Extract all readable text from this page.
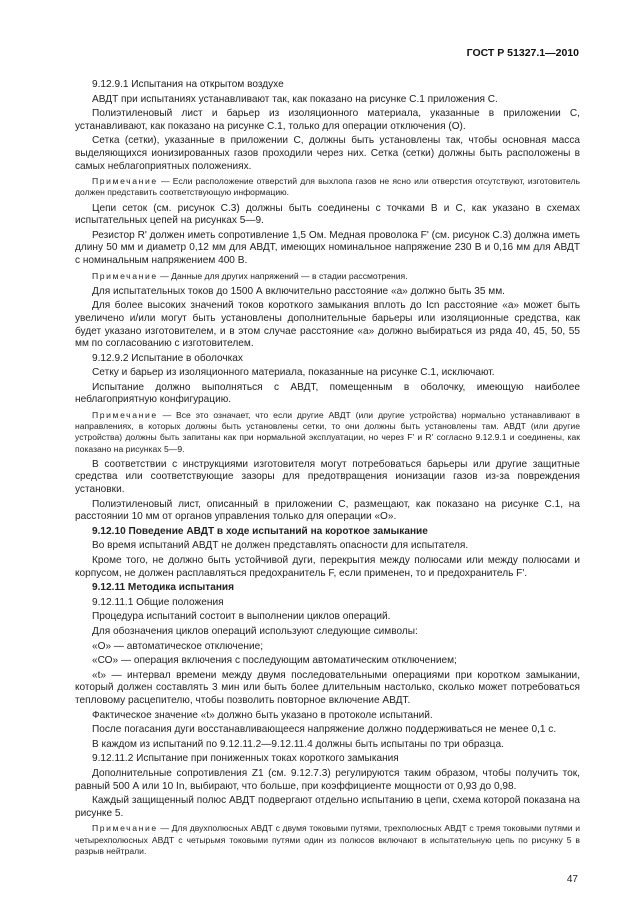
ГОСТ Р 51327.1—2010

9.12.9.1 Испытания на открытом воздухе

АВДТ при испытаниях устанавливают так, как показано на рисунке С.1 приложения С.

Полиэтиленовый лист и барьер из изоляционного материала, указанные в приложении С, устанавливают, как показано на рисунке С.1, только для операции отключения (О).

Сетка (сетки), указанные в приложении С, должны быть установлены так, чтобы основная масса выделяющихся ионизированных газов проходили через них. Сетка (сетки) должны быть расположены в самых неблагоприятных положениях.

Примечание — Если расположение отверстий для выхлопа газов не ясно или отверстия отсутствуют, изготовитель должен представить соответствующую информацию.

Цепи сеток (см. рисунок С.3) должны быть соединены с точками В и С, как указано в схемах испытательных цепей на рисунках 5—9.

Резистор R' должен иметь сопротивление 1,5 Ом. Медная проволока F' (см. рисунок С.3) должна иметь длину 50 мм и диаметр 0,12 мм для АВДТ, имеющих номинальное напряжение 230 В и 0,16 мм для АВДТ с номинальным напряжением 400 В.

Примечание — Данные для других напряжений — в стадии рассмотрения.

Для испытательных токов до 1500 А включительно расстояние «а» должно быть 35 мм.

Для более высоких значений токов короткого замыкания вплоть до Icn расстояние «а» может быть увеличено и/или могут быть установлены дополнительные барьеры или изоляционные средства, как будет указано изготовителем, и в этом случае расстояние «а» должно выбираться из ряда 40, 45, 50, 55 мм по согласованию с изготовителем.

9.12.9.2 Испытание в оболочках

Сетку и барьер из изоляционного материала, показанные на рисунке С.1, исключают.

Испытание должно выполняться с АВДТ, помещенным в оболочку, имеющую наиболее неблагоприятную конфигурацию.

Примечание — Все это означает, что если другие АВДТ (или другие устройства) нормально устанавливают в направлениях, в которых должны быть установлены сетки, то они должны быть установлены там. АВДТ (или другие устройства) должны быть запитаны как при нормальной эксплуатации, но через F' и R' согласно 9.12.9.1 и соединены, как показано на рисунках 5—9.

В соответствии с инструкциями изготовителя могут потребоваться барьеры или другие защитные средства или соответствующие зазоры для предотвращения ионизации газов из-за повреждения установки.

Полиэтиленовый лист, описанный в приложении С, размещают, как показано на рисунке С.1, на расстоянии 10 мм от органов управления только для операции «О».

9.12.10 Поведение АВДТ в ходе испытаний на короткое замыкание

Во время испытаний АВДТ не должен представлять опасности для испытателя.

Кроме того, не должно быть устойчивой дуги, перекрытия между полюсами или между полюсами и корпусом, не должен расплавляться предохранитель F, если применен, то и предохранитель F'.

9.12.11 Методика испытания

9.12.11.1 Общие положения

Процедура испытаний состоит в выполнении циклов операций.

Для обозначения циклов операций используют следующие символы:

«О» — автоматическое отключение;

«СО» — операция включения с последующим автоматическим отключением;

«t» — интервал времени между двумя последовательными операциями при коротком замыкании, который должен составлять 3 мин или быть более длительным настолько, сколько может потребоваться тепловому расцепителю, чтобы позволить повторное включение АВДТ.

Фактическое значение «t» должно быть указано в протоколе испытаний.

После погасания дуги восстанавливающееся напряжение должно поддерживаться не менее 0,1 с.

В каждом из испытаний по 9.12.11.2—9.12.11.4 должны быть испытаны по три образца.

9.12.11.2 Испытание при пониженных токах короткого замыкания

Дополнительные сопротивления Z1 (см. 9.12.7.3) регулируются таким образом, чтобы получить ток, равный 500 А или 10 In, выбирают, что больше, при коэффициенте мощности от 0,93 до 0,98.

Каждый защищенный полюс АВДТ подвергают отдельно испытанию в цепи, схема которой показана на рисунке 5.

Примечание — Для двухполюсных АВДТ с двумя токовыми путями, трехполюсных АВДТ с тремя токовыми путями и четырехполюсных АВДТ с четырьмя токовыми путями один из полюсов включают в испытательную цепь по рисунку 5 в разрыв нейтрали.

47
